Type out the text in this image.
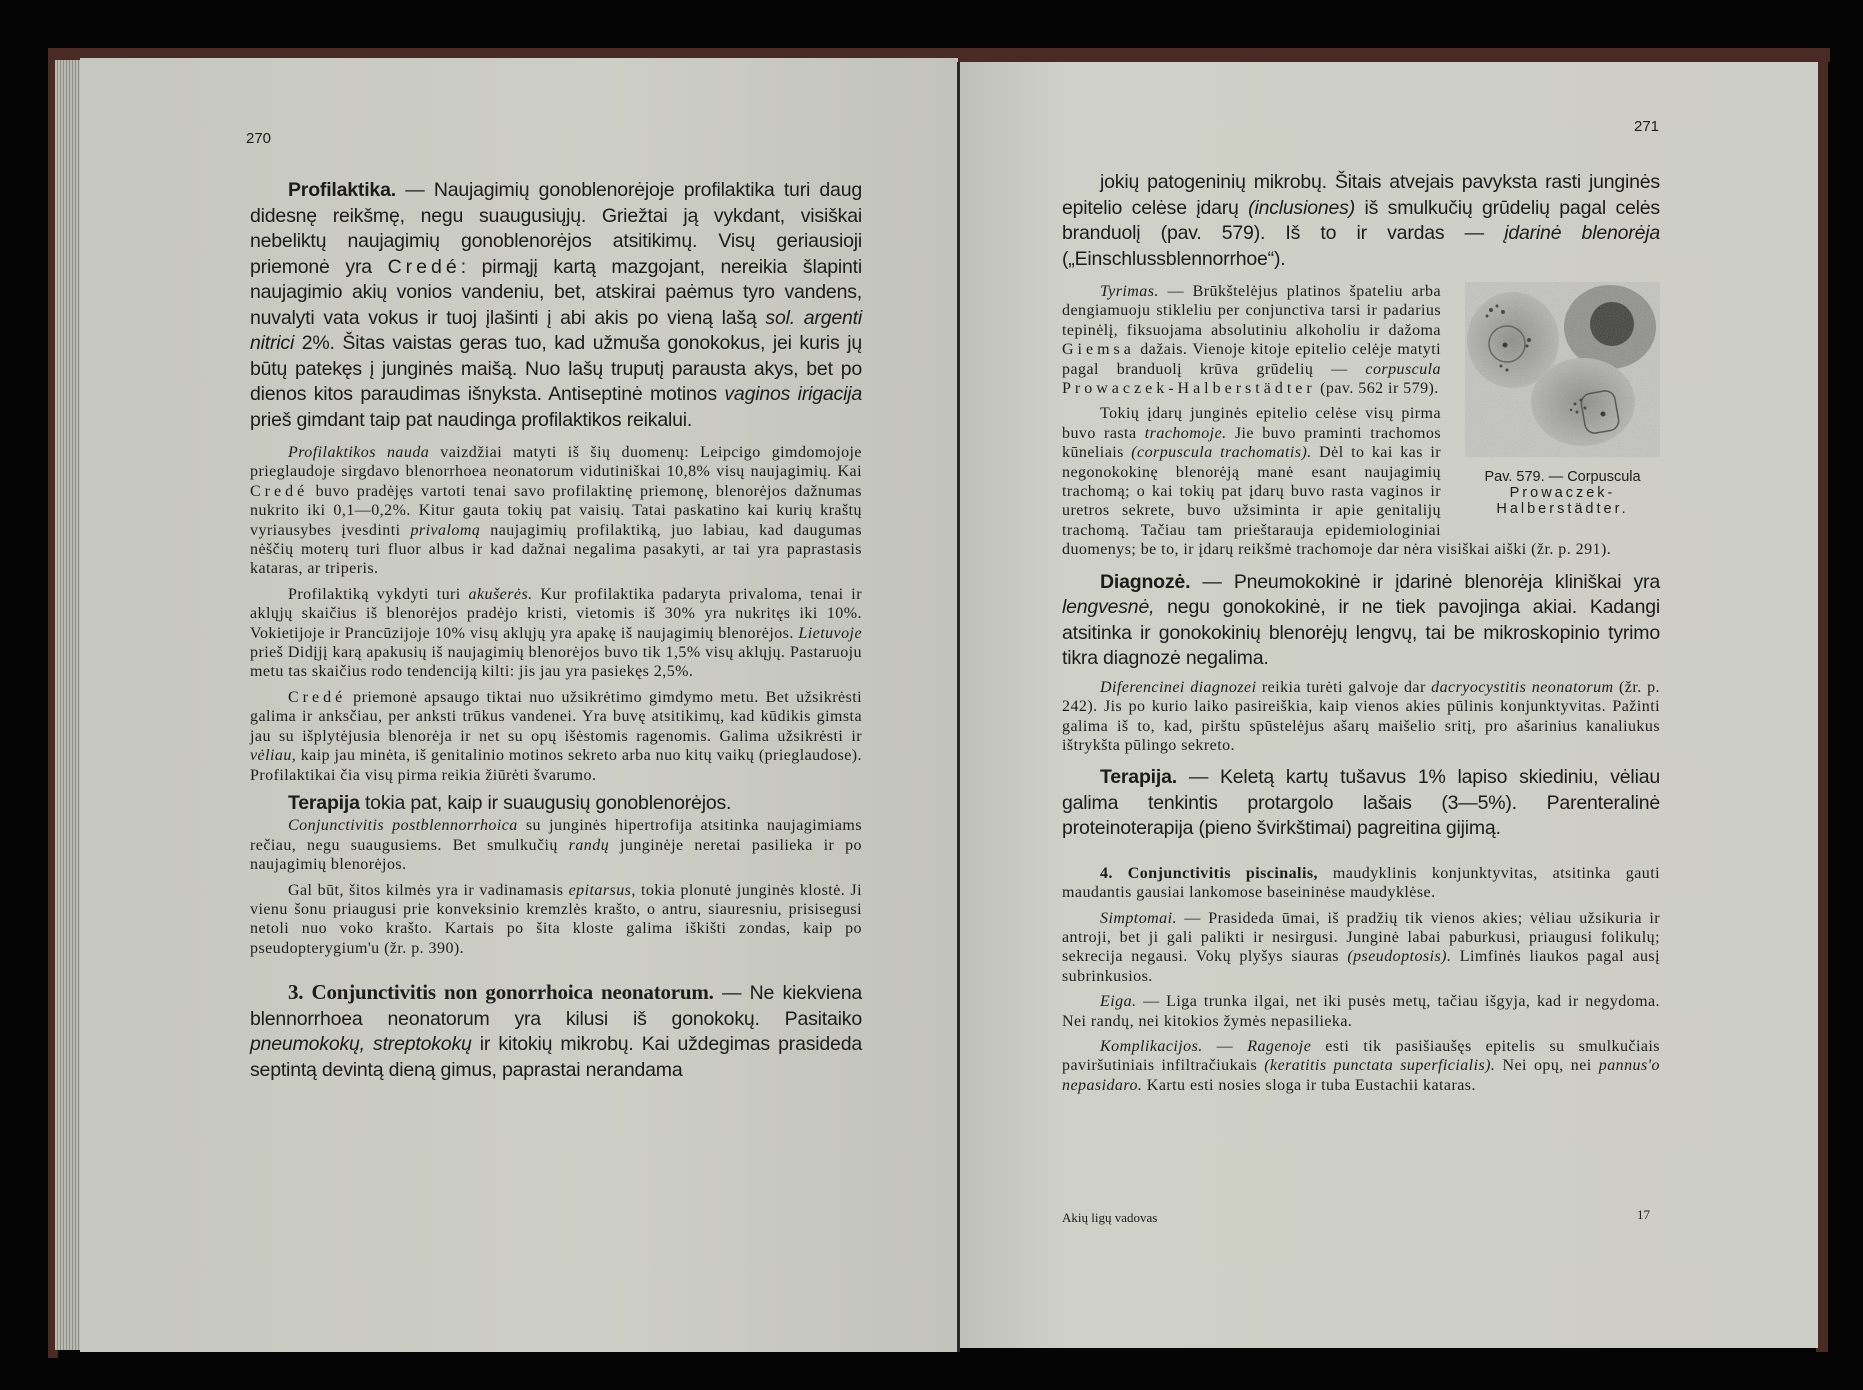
270
271

Profilaktika. — Naujagimių gonoblenorėjoje profilaktika turi daug didesnę reikšmę, negu suaugusiųjų. Griežtai ją vykdant, visiškai nebeliktų naujagimių gonoblenorėjos atsitikimų. Visų geriausioji priemonė yra Credé: pirmąjį kartą mazgojant, nereikia šlapinti naujagimio akių vonios vandeniu, bet, atskirai paėmus tyro vandens, nuvalyti vata vokus ir tuoj įlašinti į abi akis po vieną lašą sol. argenti nitrici 2%. Šitas vaistas geras tuo, kad užmuša gonokokus, jei kuris jų būtų patekęs į junginės maišą. Nuo lašų truputį parausta akys, bet po dienos kitos paraudimas išnyksta. Antiseptinė motinos vaginos irigacija prieš gimdant taip pat naudinga profilaktikos reikalui.

Profilaktikos nauda vaizdžiai matyti iš šių duomenų: Leipcigo gimdomojoje prieglaudoje sirgdavo blenorrhoea neonatorum vidutiniškai 10,8% visų naujagimių. Kai Credé buvo pradėjęs vartoti tenai savo profilaktinę priemonę, blenorėjos dažnumas nukrito iki 0,1—0,2%. Kitur gauta tokių pat vaisių. Tatai paskatino kai kurių kraštų vyriausybes įvesdinti privalomą naujagimių profilaktiką, juo labiau, kad daugumas nėščių moterų turi fluor albus ir kad dažnai negalima pasakyti, ar tai yra paprastasis kataras, ar triperis.

Profilaktiką vykdyti turi akušerės. Kur profilaktika padaryta privaloma, tenai ir aklųjų skaičius iš blenorėjos pradėjo kristi, vietomis iš 30% yra nukritęs iki 10%. Vokietijoje ir Prancūzijoje 10% visų aklųjų yra apakę iš naujagimių blenorėjos. Lietuvoje prieš Didįjį karą apakusių iš naujagimių blenorėjos buvo tik 1,5% visų aklųjų. Pastaruoju metu tas skaičius rodo tendenciją kilti: jis jau yra pasiekęs 2,5%.

Credé priemonė apsaugo tiktai nuo užsikrėtimo gimdymo metu. Bet užsikrėsti galima ir anksčiau, per anksti trūkus vandenei. Yra buvę atsitikimų, kad kūdikis gimsta jau su išplytėjusia blenorėja ir net su opų išėstomis ragenomis. Galima užsikrėsti ir vėliau, kaip jau minėta, iš genitalinio motinos sekreto arba nuo kitų vaikų (prieglaudose). Profilaktikai čia visų pirma reikia žiūrėti švarumo.

Terapija tokia pat, kaip ir suaugusių gonoblenorėjos.

Conjunctivitis postblennorrhoica su junginės hipertrofija atsitinka naujagimiams rečiau, negu suaugusiems. Bet smulkučių randų junginėje neretai pasilieka ir po naujagimių blenorėjos.

Gal būt, šitos kilmės yra ir vadinamasis epitarsus, tokia plonutė junginės klostė. Ji vienu šonu priaugusi prie konveksinio kremzlės krašto, o antru, siauresniu, prisisegusi netoli nuo voko krašto. Kartais po šita kloste galima iškišti zondas, kaip po pseudopterygium'u (žr. p. 390).

3. Conjunctivitis non gonorrhoica neonatorum. — Ne kiekviena blennorrhoea neonatorum yra kilusi iš gonokokų. Pasitaiko pneumokokų, streptokokų ir kitokių mikrobų. Kai uždegimas prasideda septintą devintą dieną gimus, paprastai nerandama

jokių patogeninių mikrobų. Šitais atvejais pavyksta rasti junginės epitelio celėse įdarų (inclusiones) iš smulkučių grūdelių pagal celės branduolį (pav. 579). Iš to ir vardas — įdarinė blenorėja („Einschlussblennorrhoe“).

Pav. 579. — Corpuscula
Prowaczek-Halberstädter.

Tyrimas. — Brūkštelėjus platinos špateliu arba dengiamuoju stikleliu per conjunctiva tarsi ir padarius tepinėlį, fiksuojama absolutiniu alkoholiu ir dažoma Giemsa dažais. Vienoje kitoje epitelio celėje matyti pagal branduolį krūva grūdelių — corpuscula Prowaczek-Halberstädter (pav. 562 ir 579).

Tokių įdarų junginės epitelio celėse visų pirma buvo rasta trachomoje. Jie buvo praminti trachomos kūneliais (corpuscula trachomatis). Dėl to kai kas ir negonokokinę blenorėją manė esant naujagimių trachomą; o kai tokių pat įdarų buvo rasta vaginos ir uretros sekrete, buvo užsiminta ir apie genitalijų trachomą. Tačiau tam prieštarauja epidemiologiniai duomenys; be to, ir įdarų reikšmė trachomoje dar nėra visiškai aiški (žr. p. 291).

Diagnozė. — Pneumokokinė ir įdarinė blenorėja kliniškai yra lengvesnė, negu gonokokinė, ir ne tiek pavojinga akiai. Kadangi atsitinka ir gonokokinių blenorėjų lengvų, tai be mikroskopinio tyrimo tikra diagnozė negalima.

Diferencinei diagnozei reikia turėti galvoje dar dacryocystitis neonatorum (žr. p. 242). Jis po kurio laiko pasireiškia, kaip vienos akies pūlinis konjunktyvitas. Pažinti galima iš to, kad, pirštu spūstelėjus ašarų maišelio sritį, pro ašarinius kanaliukus ištrykšta pūlingo sekreto.

Terapija. — Keletą kartų tušavus 1% lapiso skiediniu, vėliau galima tenkintis protargolo lašais (3—5%). Parenteralinė proteinoterapija (pieno švirkštimai) pagreitina gijimą.

4. Conjunctivitis piscinalis, maudyklinis konjunktyvitas, atsitinka gauti maudantis gausiai lankomose baseininėse maudyklėse.

Simptomai. — Prasideda ūmai, iš pradžių tik vienos akies; vėliau užsikuria ir antroji, bet ji gali palikti ir nesirgusi. Junginė labai paburkusi, priaugusi folikulų; sekrecija negausi. Vokų plyšys siauras (pseudoptosis). Limfinės liaukos pagal ausį subrinkusios.

Eiga. — Liga trunka ilgai, net iki pusės metų, tačiau išgyja, kad ir negydoma. Nei randų, nei kitokios žymės nepasilieka.

Komplikacijos. — Ragenoje esti tik pasišiaušęs epitelis su smulkučiais paviršutiniais infiltračiukais (keratitis punctata superficialis). Nei opų, nei pannus'o nepasidaro. Kartu esti nosies sloga ir tuba Eustachii kataras.

Akių ligų vadovas	17
